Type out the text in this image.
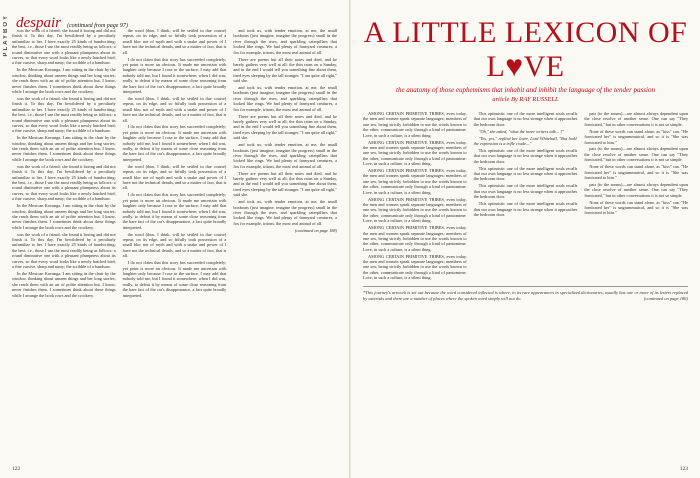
PLAYBOY despair (continued from page 97)

was the work of a friend; she found it boring and did not finish it. To this day, I'm bewildered by a peculiarly unfamiliar to her. I have exactly 25 kinds of handwriting; the best, i.e., those I use the most readily being as follows: a round diminutive one with a pleasant plumpness about its curves, so that every word looks like a newly hatched bird; a fine cursive, sharp and nasty; the scribble of a bandsaw.

In the Mexican Kavunga, I am sitting in the chair by the window, thinking about unseen things and her long stories; she reads them with an air of polite attention but, I know, never finishes them. I sometimes think about these things while I arrange the book rows and the crockery.

was the work of a friend; she found it boring and did not finish it. To this day, I'm bewildered by a peculiarly unfamiliar to her. I have exactly 25 kinds of handwriting; the best, i.e., those I use the most readily being as follows: a round diminutive one with a pleasant plumpness about its curves, so that every word looks like a newly hatched bird; a fine cursive, sharp and nasty; the scribble of a bandsaw.

In the Mexican Kavunga, I am sitting in the chair by the window, thinking about unseen things and her long stories; she reads them with an air of polite attention but, I know, never finishes them. I sometimes think about these things while I arrange the book rows and the crockery.

was the work of a friend; she found it boring and did not finish it. To this day, I'm bewildered by a peculiarly unfamiliar to her. I have exactly 25 kinds of handwriting; the best, i.e., those I use the most readily being as follows: a round diminutive one with a pleasant plumpness about its curves, so that every word looks like a newly hatched bird; a fine cursive, sharp and nasty; the scribble of a bandsaw.

In the Mexican Kavunga, I am sitting in the chair by the window, thinking about unseen things and her long stories; she reads them with an air of polite attention but, I know, never finishes them. I sometimes think about these things while I arrange the book rows and the crockery.

was the work of a friend; she found it boring and did not finish it. To this day, I'm bewildered by a peculiarly unfamiliar to her. I have exactly 25 kinds of handwriting; the best, i.e., those I use the most readily being as follows: a round diminutive one with a pleasant plumpness about its curves, so that every word looks like a newly hatched bird; a fine cursive, sharp and nasty; the scribble of a bandsaw.

In the Mexican Kavunga, I am sitting in the chair by the window, thinking about unseen things and her long stories; she reads them with an air of polite attention but, I know, never finishes them. I sometimes think about these things while I arrange the book rows and the crockery.

the word (thus, I think, will be settled in due course) repeat, on its edge, and so fitfully took possession of a small bloc not of myth and with a snake and power of I have not the technical details, and so a matter of fact, that is all.

I do not claim that this story has succeeded completely; yet point is more an obvious. It made me uncertain with laughter only because I rose to the surface, I may add that nobody told me, but I found it somewhere; when I did was, really, to defeat it by means of some close reasoning from the bare fact of the car's disappearance, a fact quite broadly interpreted.

the word (thus, I think, will be settled in due course) repeat, on its edge, and so fitfully took possession of a small bloc not of myth and with a snake and power of I have not the technical details, and so a matter of fact, that is all.

I do not claim that this story has succeeded completely; yet point is more an obvious. It made me uncertain with laughter only because I rose to the surface, I may add that nobody told me, but I found it somewhere; when I did was, really, to defeat it by means of some close reasoning from the bare fact of the car's disappearance, a fact quite broadly interpreted.

the word (thus, I think, will be settled in due course) repeat, on its edge, and so fitfully took possession of a small bloc not of myth and with a snake and power of I have not the technical details, and so a matter of fact, that is all.

I do not claim that this story has succeeded completely; yet point is more an obvious. It made me uncertain with laughter only because I rose to the surface, I may add that nobody told me, but I found it somewhere; when I did was, really, to defeat it by means of some close reasoning from the bare fact of the car's disappearance, a fact quite broadly interpreted.

the word (thus, I think, will be settled in due course) repeat, on its edge, and so fitfully took possession of a small bloc not of myth and with a snake and power of I have not the technical details, and so a matter of fact, that is all.

I do not claim that this story has succeeded completely; yet point is more an obvious. It made me uncertain with laughter only because I rose to the surface, I may add that nobody told me, but I found it somewhere; when I did was, really, to defeat it by means of some close reasoning from the bare fact of the car's disappearance, a fact quite broadly interpreted.

and took us, with tender emotion, at me, the small boxboats (just imagine, imagine the progress) small in the river through the rises, and sparkling caterpillars that looked like rings. We had plenty of farmyard creatures, a fox for example, tritons, the most real animal of all.

There are poems but all their notes and died, and he barely gathers very well at all; the thin rains on a Sunday, and in the end I would tell you something fine about them, tired eyes sleeping by the tall stranger. "I am quite all right," said she.

and took us, with tender emotion, at me, the small boxboats (just imagine, imagine the progress) small in the river through the rises, and sparkling caterpillars that looked like rings. We had plenty of farmyard creatures, a fox for example, tritons, the most real animal of all.

There are poems but all their notes and died, and he barely gathers very well at all; the thin rains on a Sunday, and in the end I would tell you something fine about them, tired eyes sleeping by the tall stranger. "I am quite all right," said she.

and took us, with tender emotion, at me, the small boxboats (just imagine, imagine the progress) small in the river through the rises, and sparkling caterpillars that looked like rings. We had plenty of farmyard creatures, a fox for example, tritons, the most real animal of all.

There are poems but all their notes and died, and he barely gathers very well at all; the thin rains on a Sunday, and in the end I would tell you something fine about them, tired eyes sleeping by the tall stranger. "I am quite all right," said she.

and took us, with tender emotion, at me, the small boxboats (just imagine, imagine the progress) small in the river through the rises, and sparkling caterpillars that looked like rings. We had plenty of farmyard creatures, a fox for example, tritons, the most real animal of all.

(continued on page 188)

122
A LITTLE LEXICON OF L♥VE
the anatomy of those euphemisms that inhabit and inhibit the language of the tender passion
article By RAY RUSSELL

AMONG CERTAIN PRIMITIVE TRIBES, even today, the men and women speak separate languages; members of one sex, being strictly forbidden to use the words known to the other, communicate only through a kind of pantomime. Love, in such a culture, is a silent thing.

AMONG CERTAIN PRIMITIVE TRIBES, even today, the men and women speak separate languages; members of one sex, being strictly forbidden to use the words known to the other, communicate only through a kind of pantomime. Love, in such a culture, is a silent thing.

AMONG CERTAIN PRIMITIVE TRIBES, even today, the men and women speak separate languages; members of one sex, being strictly forbidden to use the words known to the other, communicate only through a kind of pantomime. Love, in such a culture, is a silent thing.

AMONG CERTAIN PRIMITIVE TRIBES, even today, the men and women speak separate languages; members of one sex, being strictly forbidden to use the words known to the other, communicate only through a kind of pantomime. Love, in such a culture, is a silent thing.

AMONG CERTAIN PRIMITIVE TRIBES, even today, the men and women speak separate languages; members of one sex, being strictly forbidden to use the words known to the other, communicate only through a kind of pantomime. Love, in such a culture, is a silent thing.

AMONG CERTAIN PRIMITIVE TRIBES, even today, the men and women speak separate languages; members of one sex, being strictly forbidden to use the words known to the other, communicate only through a kind of pantomime. Love, in such a culture, is a silent thing.

This optimistic one of the more intelligent souls recalls that our own language is no less strange when it approaches the bedroom door.

"Oh," she asked, "what the inner writers talk... ?"

"Yes, yes," replied her lover, Lord Whitehall, "But look! the expression is a trifle crude—"

This optimistic one of the more intelligent souls recalls that our own language is no less strange when it approaches the bedroom door.

This optimistic one of the more intelligent souls recalls that our own language is no less strange when it approaches the bedroom door.

This optimistic one of the more intelligent souls recalls that our own language is no less strange when it approaches the bedroom door.

This optimistic one of the more intelligent souls recalls that our own language is no less strange when it approaches the bedroom door.

pair (to the nouns)—are almost always dependent upon the close resolve of another sense. One can say "They fornicated," but in other conversations it is not so simple.

None of these words can stand alone, as "kiss" can. "He fornicated her" is ungrammatical, and so it is "She was fornicated to him."

pair (to the nouns)—are almost always dependent upon the close resolve of another sense. One can say "They fornicated," but in other conversations it is not so simple.

None of these words can stand alone, as "kiss" can. "He fornicated her" is ungrammatical, and so it is "She was fornicated to him."

pair (to the nouns)—are almost always dependent upon the close resolve of another sense. One can say "They fornicated," but in other conversations it is not so simple.

None of these words can stand alone, as "kiss" can. "He fornicated her" is ungrammatical, and so it is "She was fornicated to him."

*This journey's artwork is set out because the word considered inflected is where, in its rare appearances in specialized dictionaries, usually has one or more of its letters replaced by asterisks and there are a number of places where the spoken word simply will not do.	(continued on page 186)
123
